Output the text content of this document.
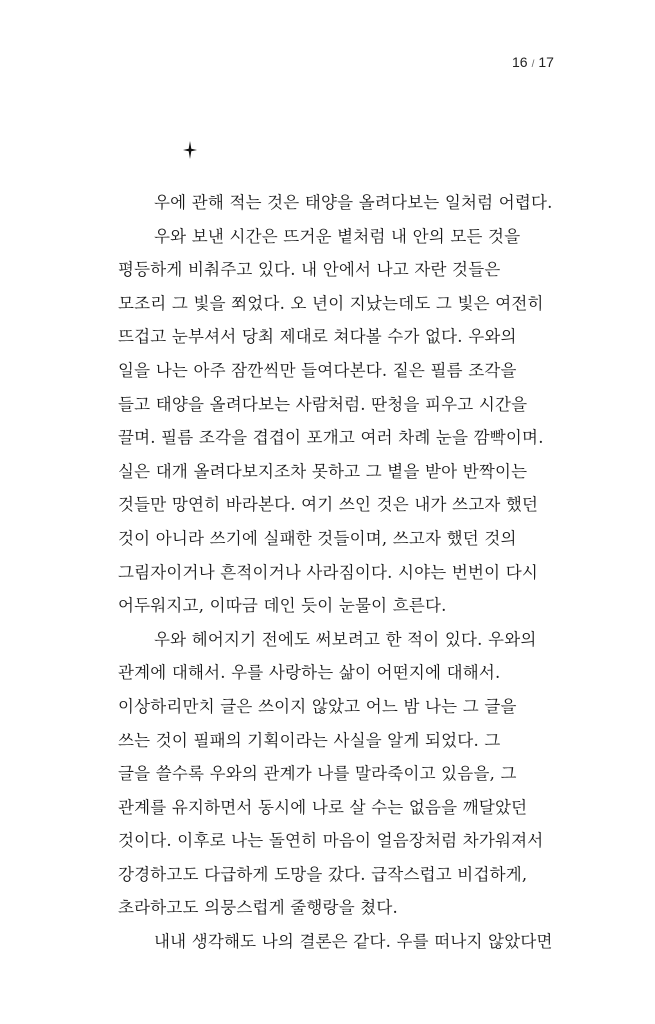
16 / 17
우에 관해 적는 것은 태양을 올려다보는 일처럼 어렵다.
우와 보낸 시간은 뜨거운 볕처럼 내 안의 모든 것을
평등하게 비춰주고 있다. 내 안에서 나고 자란 것들은
모조리 그 빛을 쬐었다. 오 년이 지났는데도 그 빛은 여전히
뜨겁고 눈부셔서 당최 제대로 쳐다볼 수가 없다. 우와의
일을 나는 아주 잠깐씩만 들여다본다. 짙은 필름 조각을
들고 태양을 올려다보는 사람처럼. 딴청을 피우고 시간을
끌며. 필름 조각을 겹겹이 포개고 여러 차례 눈을 깜빡이며.
실은 대개 올려다보지조차 못하고 그 볕을 받아 반짝이는
것들만 망연히 바라본다. 여기 쓰인 것은 내가 쓰고자 했던
것이 아니라 쓰기에 실패한 것들이며, 쓰고자 했던 것의
그림자이거나 흔적이거나 사라짐이다. 시야는 번번이 다시
어두워지고, 이따금 데인 듯이 눈물이 흐른다.
우와 헤어지기 전에도 써보려고 한 적이 있다. 우와의
관계에 대해서. 우를 사랑하는 삶이 어떤지에 대해서.
이상하리만치 글은 쓰이지 않았고 어느 밤 나는 그 글을
쓰는 것이 필패의 기획이라는 사실을 알게 되었다. 그
글을 쓸수록 우와의 관계가 나를 말라죽이고 있음을, 그
관계를 유지하면서 동시에 나로 살 수는 없음을 깨달았던
것이다. 이후로 나는 돌연히 마음이 얼음장처럼 차가워져서
강경하고도 다급하게 도망을 갔다. 급작스럽고 비겁하게,
초라하고도 의뭉스럽게 줄행랑을 쳤다.
내내 생각해도 나의 결론은 같다. 우를 떠나지 않았다면
